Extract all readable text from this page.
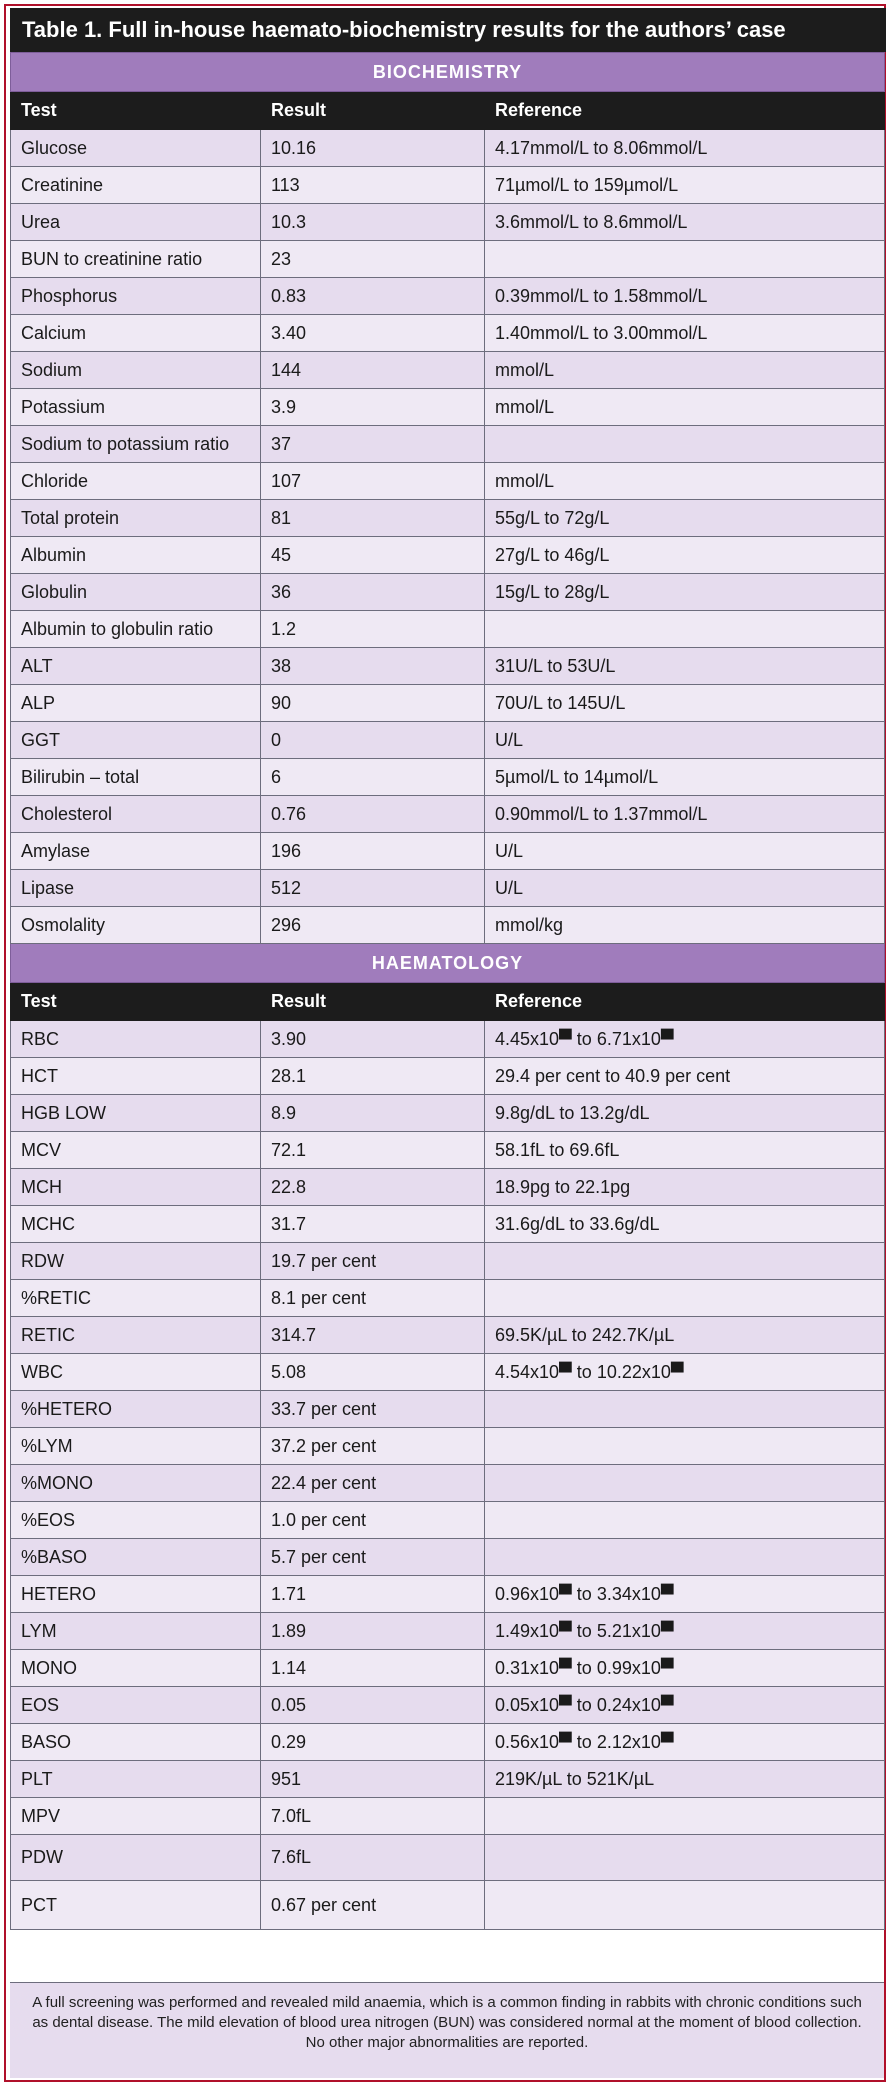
Table 1. Full in-house haemato-biochemistry results for the authors’ case
BIOCHEMISTRY		
Test	Result	Reference
Glucose	10.16	4.17mmol/L to 8.06mmol/L
Creatinine	113	71µmol/L to 159µmol/L
Urea	10.3	3.6mmol/L to 8.6mmol/L
BUN to creatinine ratio	23	
Phosphorus	0.83	0.39mmol/L to 1.58mmol/L
Calcium	3.40	1.40mmol/L to 3.00mmol/L
Sodium	144	mmol/L
Potassium	3.9	mmol/L
Sodium to potassium ratio	37	
Chloride	107	mmol/L
Total protein	81	55g/L to 72g/L
Albumin	45	27g/L to 46g/L
Globulin	36	15g/L to 28g/L
Albumin to globulin ratio	1.2	
ALT	38	31U/L to 53U/L
ALP	90	70U/L to 145U/L
GGT	0	U/L
Bilirubin – total	6	5µmol/L to 14µmol/L
Cholesterol	0.76	0.90mmol/L to 1.37mmol/L
Amylase	196	U/L
Lipase	512	U/L
Osmolality	296	mmol/kg
HAEMATOLOGY		
Test	Result	Reference
RBC	3.90	4.45x10▀ to 6.71x10▀
HCT	28.1	29.4 per cent to 40.9 per cent
HGB LOW	8.9	9.8g/dL to 13.2g/dL
MCV	72.1	58.1fL to 69.6fL
MCH	22.8	18.9pg to 22.1pg
MCHC	31.7	31.6g/dL to 33.6g/dL
RDW	19.7 per cent	
%RETIC	8.1 per cent	
RETIC	314.7	69.5K/µL to 242.7K/µL
WBC	5.08	4.54x10▀ to 10.22x10▀
%HETERO	33.7 per cent	
%LYM	37.2 per cent	
%MONO	22.4 per cent	
%EOS	1.0 per cent	
%BASO	5.7 per cent	
HETERO	1.71	0.96x10▀ to 3.34x10▀
LYM	1.89	1.49x10▀ to 5.21x10▀
MONO	1.14	0.31x10▀ to 0.99x10▀
EOS	0.05	0.05x10▀ to 0.24x10▀
BASO	0.29	0.56x10▀ to 2.12x10▀
PLT	951	219K/µL to 521K/µL
MPV	7.0fL	
PDW	7.6fL	
PCT	0.67 per cent	
A full screening was performed and revealed mild anaemia, which is a common finding in rabbits with chronic conditions such as dental disease. The mild elevation of blood urea nitrogen (BUN) was considered normal at the moment of blood collection. No other major abnormalities are reported.
